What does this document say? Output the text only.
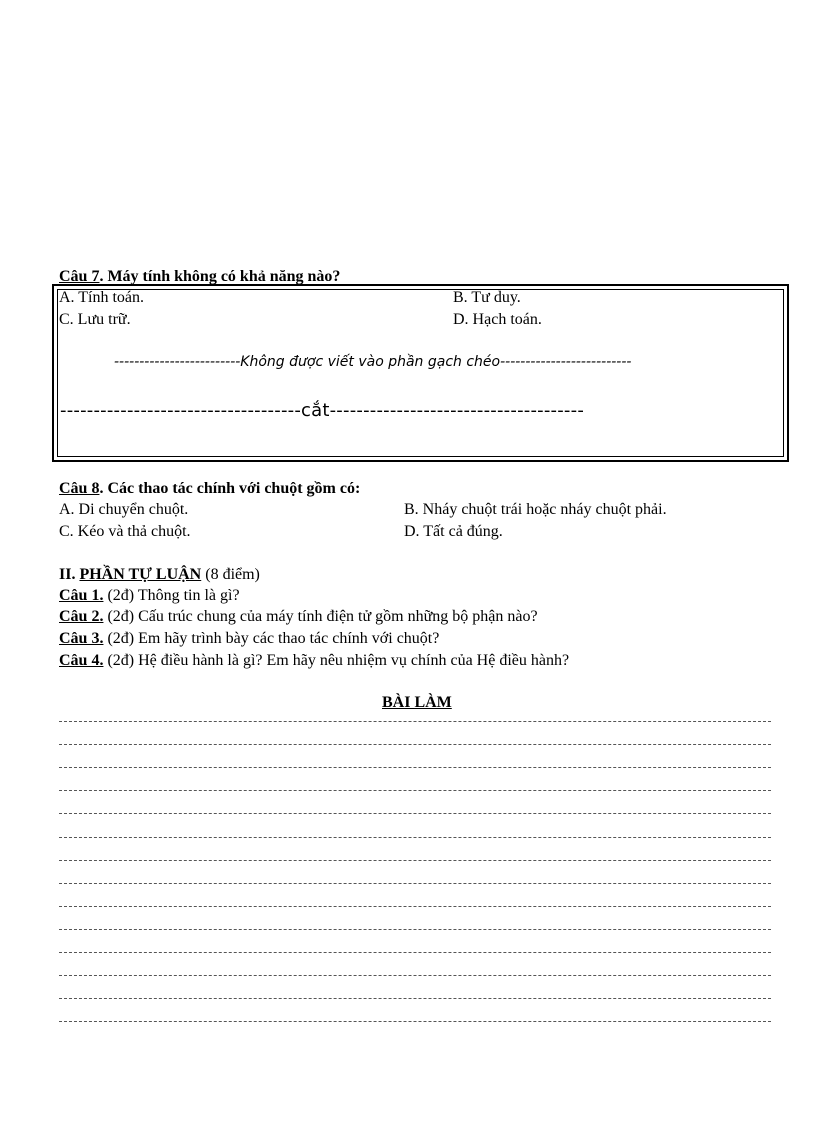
Câu 7. Máy tính không có khả năng nào?
A. Tính toán.	B. Tư duy.
C. Lưu trữ.	D. Hạch toán.
-------------------------Không được viết vào phần gạch chéo--------------------------
------------------------------------cắt--------------------------------------
Câu 8. Các thao tác chính với chuột gồm có:
A. Di chuyển chuột.	B. Nháy chuột trái hoặc nháy chuột phải.
C. Kéo và thả chuột.	D. Tất cả đúng.
II. PHẦN TỰ LUẬN (8 điểm)
Câu 1. (2đ) Thông tin là gì?
Câu 2. (2đ) Cấu trúc chung của máy tính điện tử gồm những bộ phận nào?
Câu 3. (2đ) Em hãy trình bày các thao tác chính với chuột?
Câu 4. (2đ) Hệ điều hành là gì? Em hãy nêu nhiệm vụ chính của Hệ điều hành?
BÀI LÀM
